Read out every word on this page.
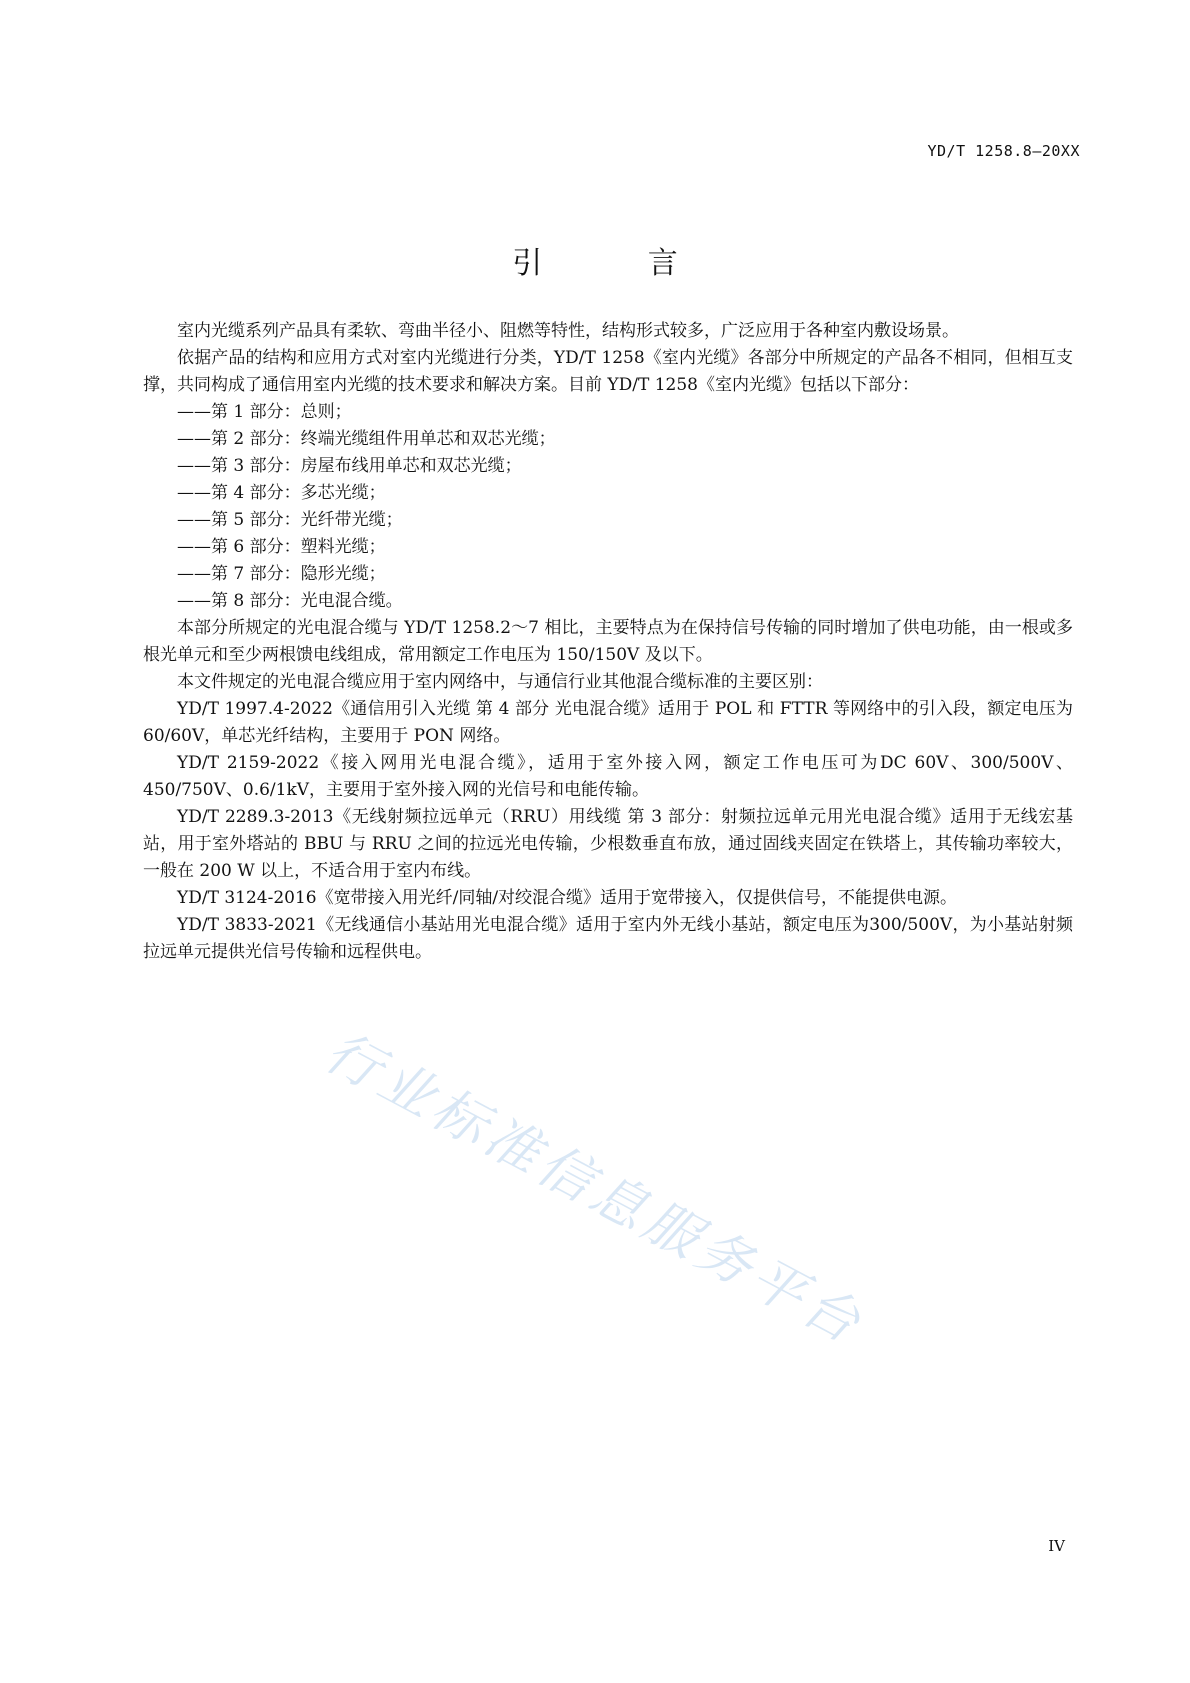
YD/T 1258.8—20XX
引 言

室内光缆系列产品具有柔软、弯曲半径小、阻燃等特性，结构形式较多，广泛应用于各种室内敷设场景。

依据产品的结构和应用方式对室内光缆进行分类，YD/T 1258《室内光缆》各部分中所规定的产品各不相同，但相互支撑，共同构成了通信用室内光缆的技术要求和解决方案。目前 YD/T 1258《室内光缆》包括以下部分：

——第 1 部分：总则；
——第 2 部分：终端光缆组件用单芯和双芯光缆；
——第 3 部分：房屋布线用单芯和双芯光缆；
——第 4 部分：多芯光缆；
——第 5 部分：光纤带光缆；
——第 6 部分：塑料光缆；
——第 7 部分：隐形光缆；
——第 8 部分：光电混合缆。

本部分所规定的光电混合缆与 YD/T 1258.2～7 相比，主要特点为在保持信号传输的同时增加了供电功能，由一根或多根光单元和至少两根馈电线组成，常用额定工作电压为 150/150V 及以下。

本文件规定的光电混合缆应用于室内网络中，与通信行业其他混合缆标准的主要区别：

YD/T 1997.4-2022《通信用引入光缆 第 4 部分 光电混合缆》适用于 POL 和 FTTR 等网络中的引入段，额定电压为 60/60V，单芯光纤结构，主要用于 PON 网络。

YD/T 2159-2022《接入网用光电混合缆》，适用于室外接入网，额定工作电压可为DC 60V、300/500V、450/750V、0.6/1kV，主要用于室外接入网的光信号和电能传输。

YD/T 2289.3-2013《无线射频拉远单元（RRU）用线缆 第 3 部分：射频拉远单元用光电混合缆》适用于无线宏基站，用于室外塔站的 BBU 与 RRU 之间的拉远光电传输，少根数垂直布放，通过固线夹固定在铁塔上，其传输功率较大，一般在 200 W 以上，不适合用于室内布线。

YD/T 3124-2016《宽带接入用光纤/同轴/对绞混合缆》适用于宽带接入，仅提供信号，不能提供电源。

YD/T 3833-2021《无线通信小基站用光电混合缆》适用于室内外无线小基站，额定电压为300/500V，为小基站射频拉远单元提供光信号传输和远程供电。

行业标准信息服务平台
IV
